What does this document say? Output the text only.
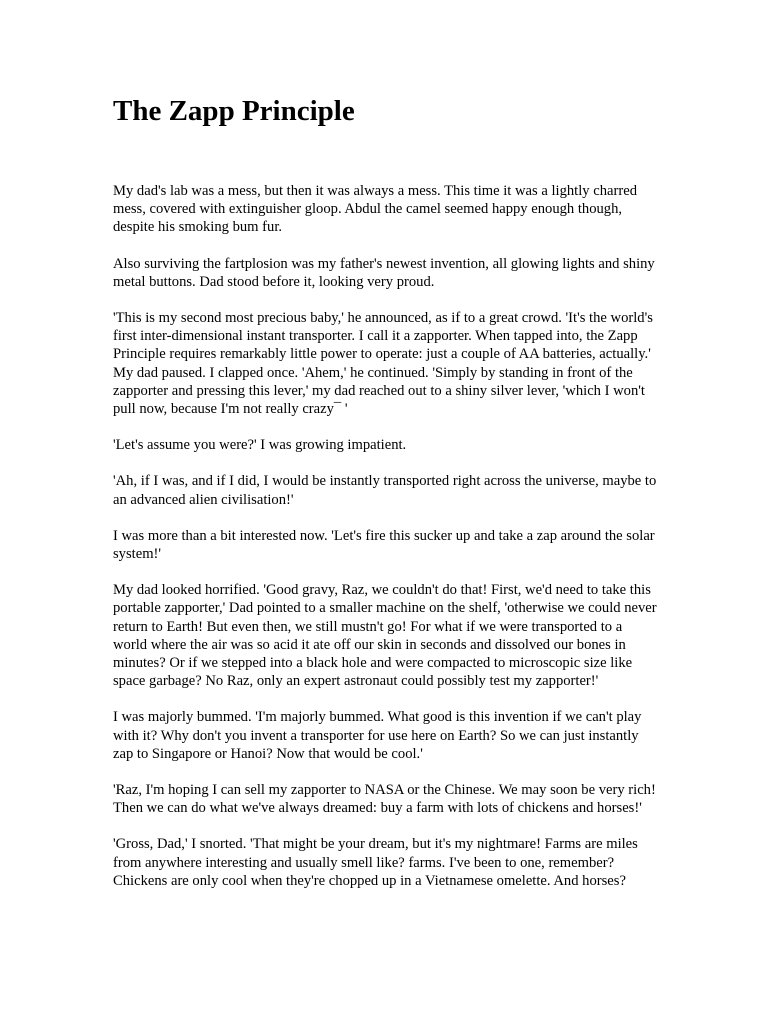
The Zapp Principle

My dad's lab was a mess, but then it was always a mess. This time it was a lightly charred mess, covered with extinguisher gloop. Abdul the camel seemed happy enough though, despite his smoking bum fur.

Also surviving the fartplosion was my father's newest invention, all glowing lights and shiny metal buttons. Dad stood before it, looking very proud.

'This is my second most precious baby,' he announced, as if to a great crowd. 'It's the world's first inter-dimensional instant transporter. I call it a zapporter. When tapped into, the Zapp Principle requires remarkably little power to operate: just a couple of AA batteries, actually.' My dad paused. I clapped once. 'Ahem,' he continued. 'Simply by standing in front of the zapporter and pressing this lever,' my dad reached out to a shiny silver lever, 'which I won't pull now, because I'm not really crazy¯ '

'Let's assume you were?' I was growing impatient.

'Ah, if I was, and if I did, I would be instantly transported right across the universe, maybe to an advanced alien civilisation!'

I was more than a bit interested now. 'Let's fire this sucker up and take a zap around the solar system!'

My dad looked horrified. 'Good gravy, Raz, we couldn't do that! First, we'd need to take this portable zapporter,' Dad pointed to a smaller machine on the shelf, 'otherwise we could never return to Earth! But even then, we still mustn't go! For what if we were transported to a world where the air was so acid it ate off our skin in seconds and dissolved our bones in minutes? Or if we stepped into a black hole and were compacted to microscopic size like space garbage? No Raz, only an expert astronaut could possibly test my zapporter!'

I was majorly bummed. 'I'm majorly bummed. What good is this invention if we can't play with it? Why don't you invent a transporter for use here on Earth? So we can just instantly zap to Singapore or Hanoi? Now that would be cool.'

'Raz, I'm hoping I can sell my zapporter to NASA or the Chinese. We may soon be very rich! Then we can do what we've always dreamed: buy a farm with lots of chickens and horses!'

'Gross, Dad,' I snorted. 'That might be your dream, but it's my nightmare! Farms are miles from anywhere interesting and usually smell like? farms. I've been to one, remember? Chickens are only cool when they're chopped up in a Vietnamese omelette. And horses?
